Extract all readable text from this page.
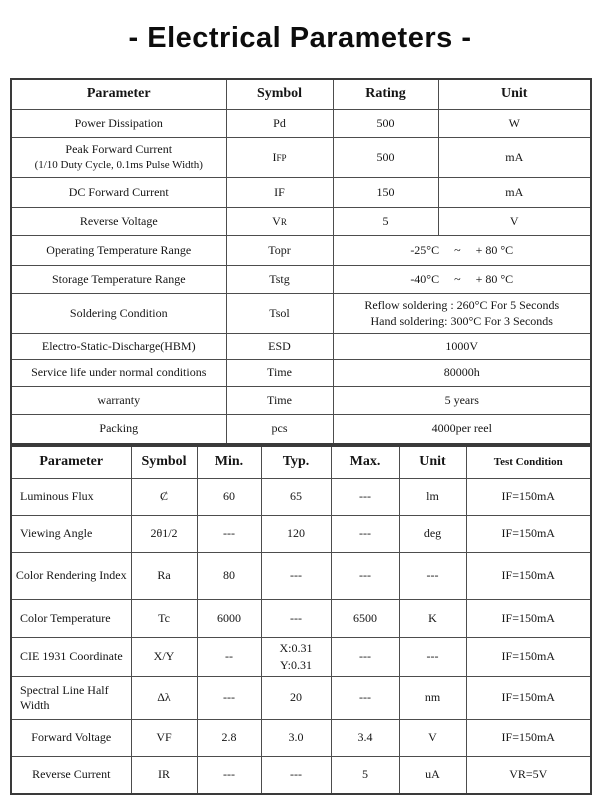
- Electrical Parameters -
Parameter	Symbol	Rating	Unit
Power Dissipation	Pd	500	W

Peak Forward Current
(1/10 Duty Cycle, 0.1ms Pulse Width)	IFP	500	mA
DC Forward Current	IF	150	mA
Reverse Voltage	VR	5	V
Operating Temperature Range	Topr	-25°C     ~     + 80 °C	
Storage Temperature Range	Tstg	-40°C     ~     + 80 °C	
Soldering Condition	Tsol	Reflow soldering : 260°C For 5 Seconds
Hand soldering: 300°C For 3 Seconds	

Electro-Static-Discharge(HBM)	ESD	1000V	
Service life under normal conditions	Time	80000h	
warranty	Time	5 years	
Packing	pcs	4000per reel	
Parameter	Symbol	Min.	Typ.	Max.	Unit	Test Condition
Luminous Flux	Ȼ	60	65	---	lm	IF=150mA
Viewing Angle	2θ1/2	---	120	---	deg	IF=150mA
Color Rendering Index	Ra	80	---	---	---	IF=150mA
Color Temperature	Tc	6000	---	6500	K	IF=150mA
CIE 1931 Coordinate	X/Y	--	X:0.31
Y:0.31	---	---	IF=150mA
Spectral Line Half Width	Δλ	---	20	---	nm	IF=150mA
Forward Voltage	VF	2.8	3.0	3.4	V	IF=150mA
Reverse Current	IR	---	---	5	uA	VR=5V
